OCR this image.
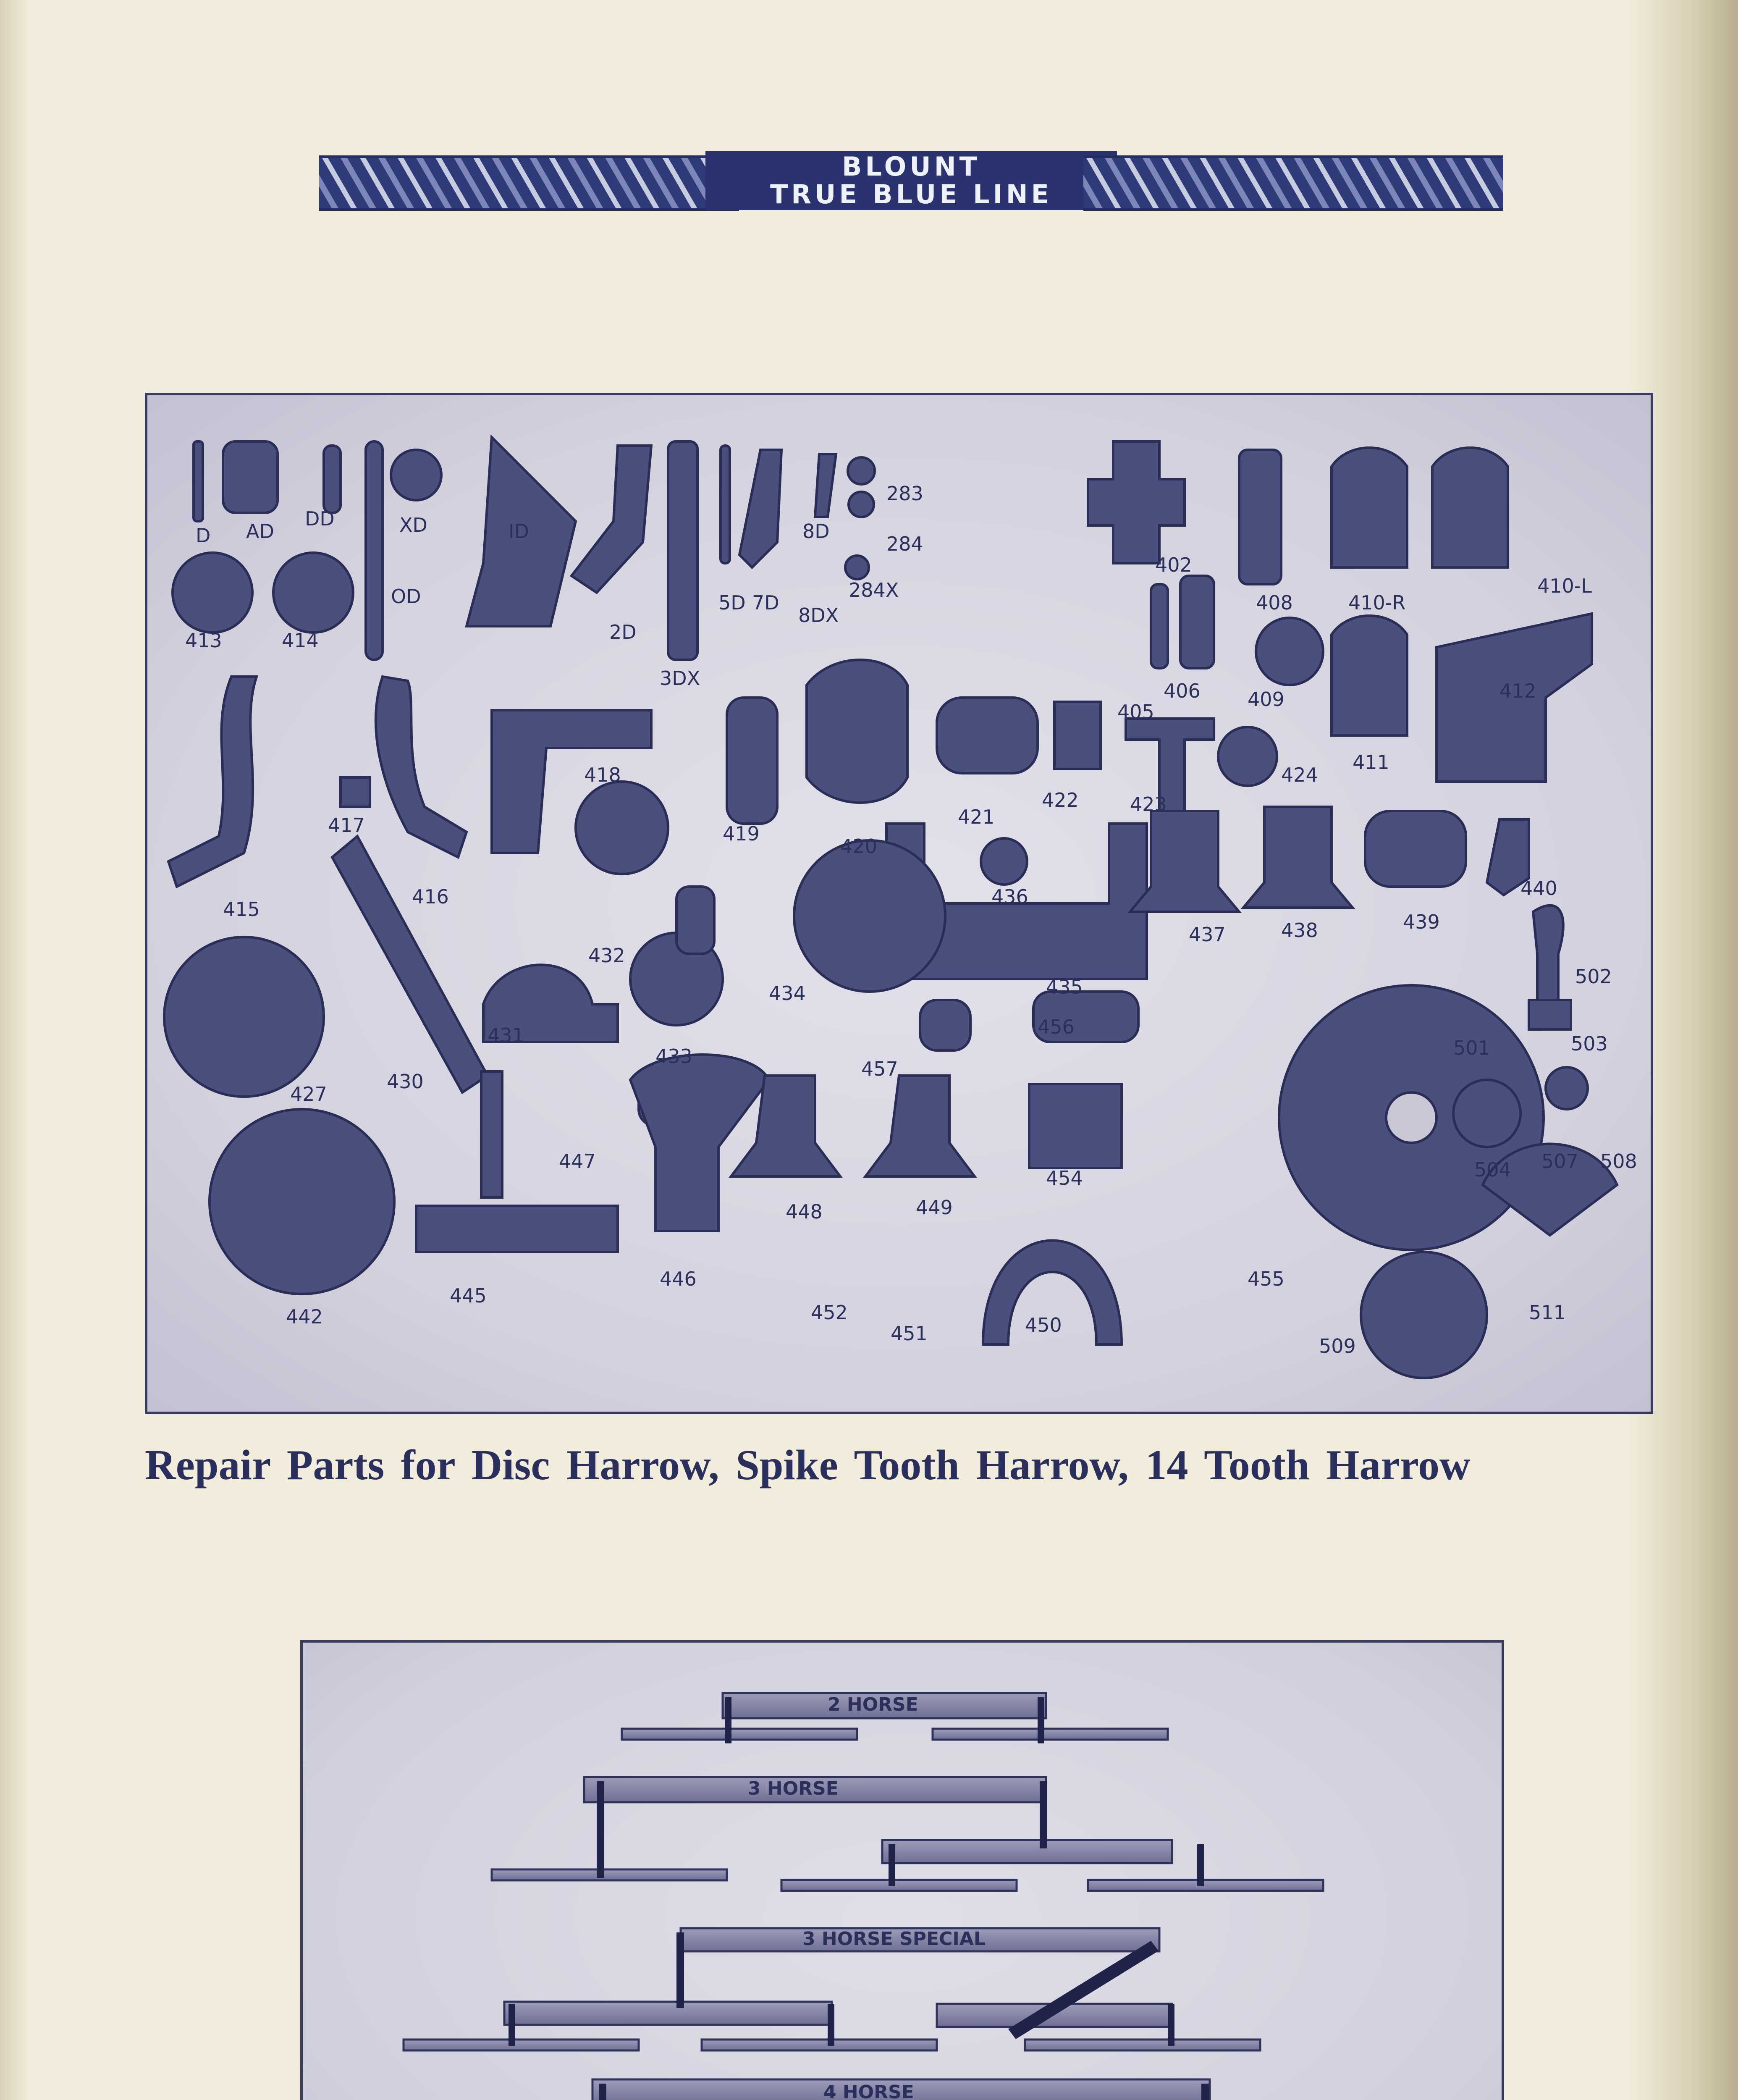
BLOUNT
TRUE BLUE LINE
D AD
DD	XD	ID
OD
413	414	2D
3DX
5D 7D
8D
8DX
283
284
284X
402
408	410-R
410-L
405
406 409
411
412
415
417
416
418
419
420
421
422	423
424
436	440
437	438	439
432
434	435	502
427
431
430
433
456
457
501	503
447
445
446
448	449
454	504 507 508
442	452
451	450
455
509
511
Repair Parts for Disc Harrow, Spike Tooth Harrow, 14 Tooth Harrow
2 HORSE
3 HORSE
3 HORSE SPECIAL
4 HORSE
